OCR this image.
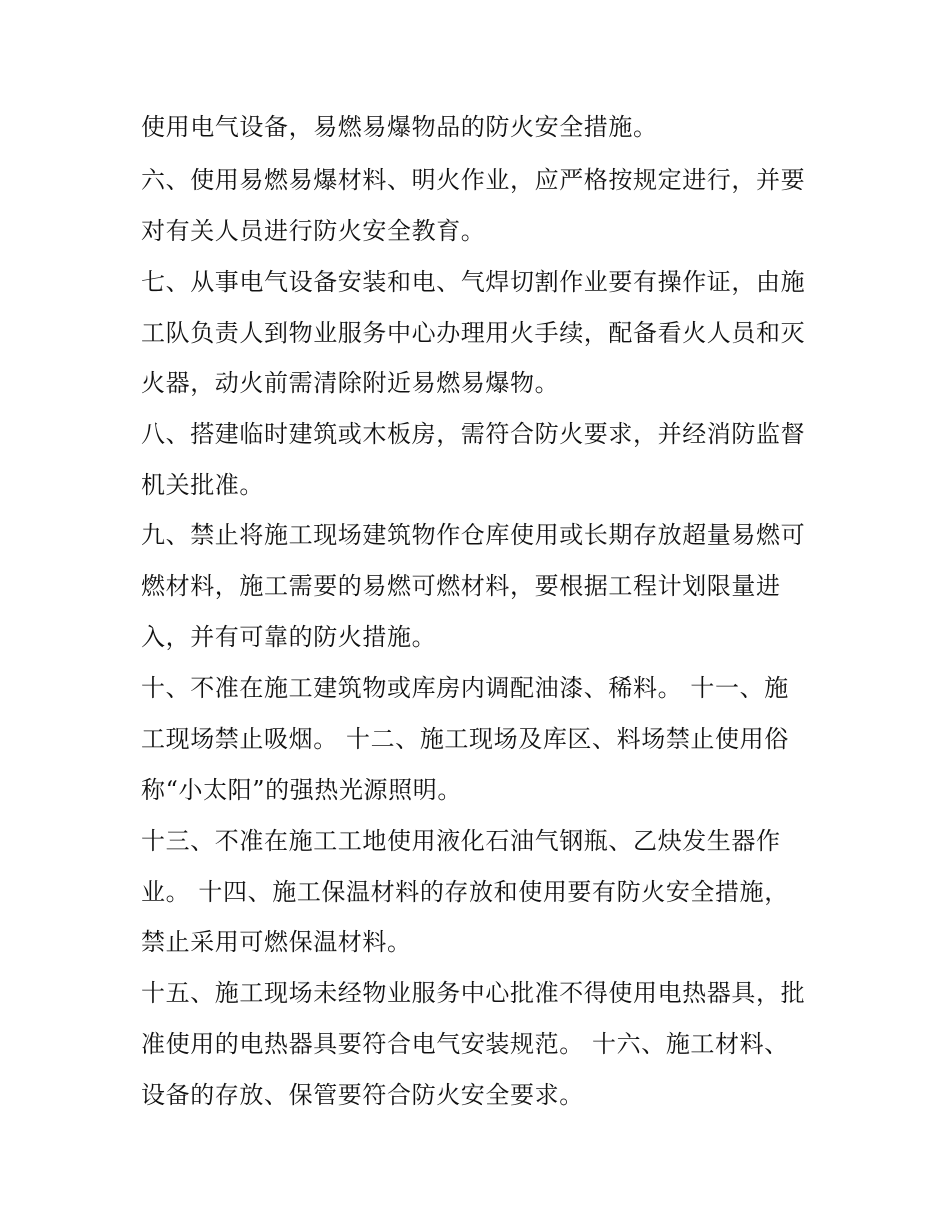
使用电气设备，易燃易爆物品的防火安全措施。
六、使用易燃易爆材料、明火作业，应严格按规定进行，并要
对有关人员进行防火安全教育。
七、从事电气设备安装和电、气焊切割作业要有操作证，由施
工队负责人到物业服务中心办理用火手续，配备看火人员和灭
火器，动火前需清除附近易燃易爆物。
八、搭建临时建筑或木板房，需符合防火要求，并经消防监督
机关批准。
九、禁止将施工现场建筑物作仓库使用或长期存放超量易燃可
燃材料，施工需要的易燃可燃材料，要根据工程计划限量进
入，并有可靠的防火措施。
十、不准在施工建筑物或库房内调配油漆、稀料。 十一、施
工现场禁止吸烟。 十二、施工现场及库区、料场禁止使用俗
称“小太阳”的强热光源照明。
十三、不准在施工工地使用液化石油气钢瓶、乙炔发生器作
业。 十四、施工保温材料的存放和使用要有防火安全措施，
禁止采用可燃保温材料。
十五、施工现场未经物业服务中心批准不得使用电热器具，批
准使用的电热器具要符合电气安装规范。 十六、施工材料、
设备的存放、保管要符合防火安全要求。
